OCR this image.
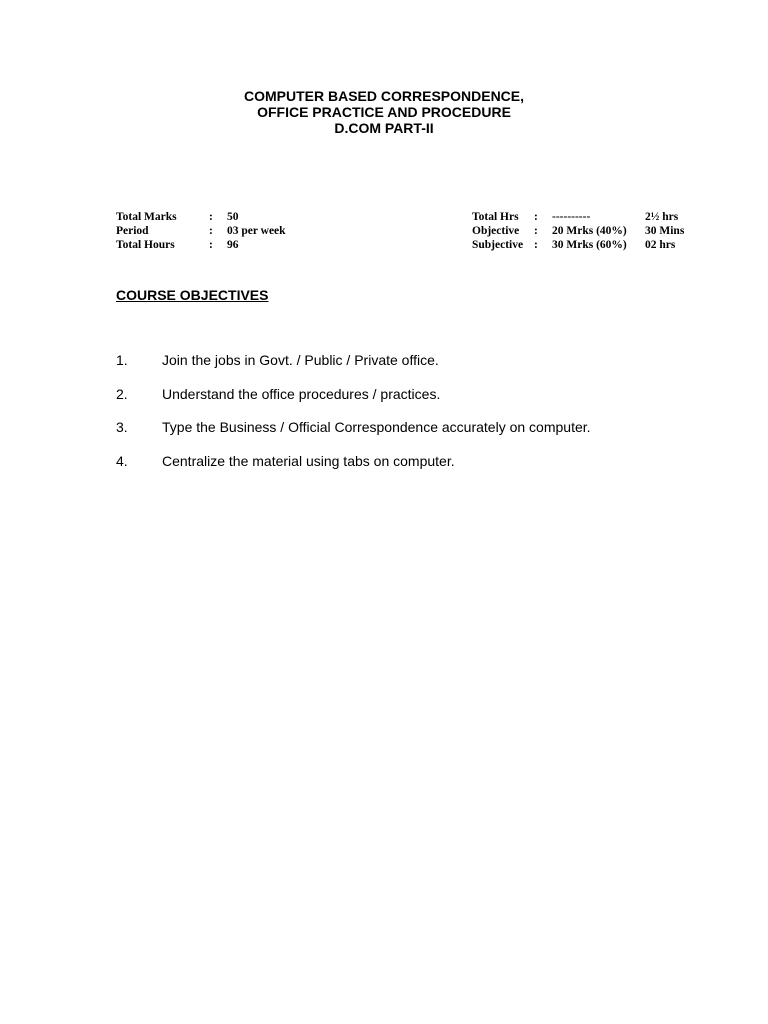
COMPUTER BASED CORRESPONDENCE,
OFFICE PRACTICE AND PROCEDURE
D.COM PART-II
Total Marks	:	50
Period	:	03 per week
Total Hours	:	96
Total Hrs	:	----------	2½ hrs
Objective	:	20 Mrks (40%)	30 Mins
Subjective :	30 Mrks (60%)	02 hrs
COURSE OBJECTIVES
1.	Join the jobs in Govt. / Public / Private office.
2.	Understand the office procedures / practices.
3.	Type the Business / Official Correspondence accurately on computer.
4.	Centralize the material using tabs on computer.
